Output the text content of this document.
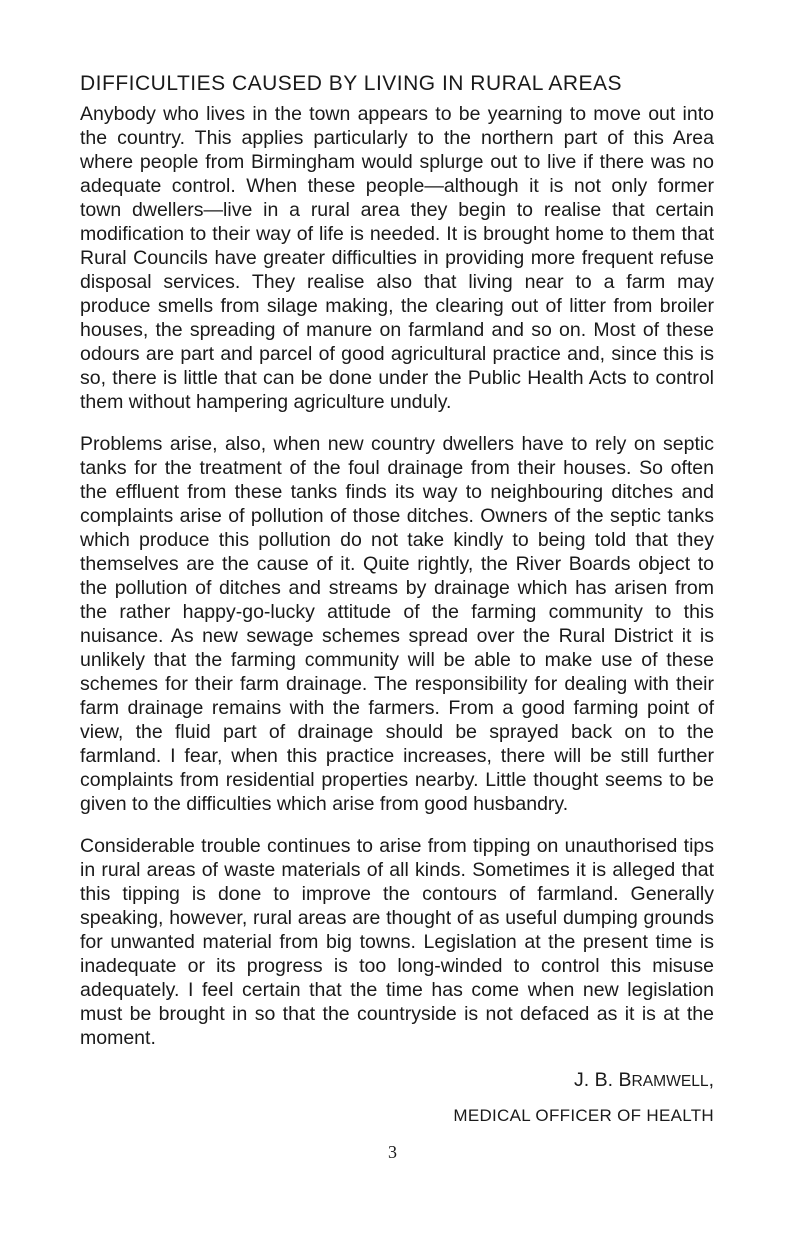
DIFFICULTIES CAUSED BY LIVING IN RURAL AREAS

Anybody who lives in the town appears to be yearning to move out into the country. This applies particularly to the northern part of this Area where people from Birmingham would splurge out to live if there was no adequate control. When these people—although it is not only former town dwellers—live in a rural area they begin to realise that certain modification to their way of life is needed. It is brought home to them that Rural Councils have greater difficulties in providing more frequent refuse disposal services. They realise also that living near to a farm may produce smells from silage making, the clearing out of litter from broiler houses, the spreading of manure on farmland and so on. Most of these odours are part and parcel of good agricultural practice and, since this is so, there is little that can be done under the Public Health Acts to control them without hampering agriculture unduly.

Problems arise, also, when new country dwellers have to rely on septic tanks for the treatment of the foul drainage from their houses. So often the effluent from these tanks finds its way to neighbouring ditches and complaints arise of pollution of those ditches. Owners of the septic tanks which produce this pollution do not take kindly to being told that they themselves are the cause of it. Quite rightly, the River Boards object to the pollution of ditches and streams by drainage which has arisen from the rather happy-go-lucky attitude of the farming community to this nuisance. As new sewage schemes spread over the Rural District it is unlikely that the farming community will be able to make use of these schemes for their farm drainage. The responsibility for dealing with their farm drainage remains with the farmers. From a good farming point of view, the fluid part of drainage should be sprayed back on to the farmland. I fear, when this practice increases, there will be still further complaints from residential properties nearby. Little thought seems to be given to the difficulties which arise from good husbandry.

Considerable trouble continues to arise from tipping on unauthorised tips in rural areas of waste materials of all kinds. Sometimes it is alleged that this tipping is done to improve the contours of farmland. Generally speaking, however, rural areas are thought of as useful dumping grounds for unwanted material from big towns. Legislation at the present time is inadequate or its progress is too long-winded to control this misuse adequately. I feel certain that the time has come when new legislation must be brought in so that the countryside is not defaced as it is at the moment.

J. B. BRAMWELL,
MEDICAL OFFICER OF HEALTH
3
